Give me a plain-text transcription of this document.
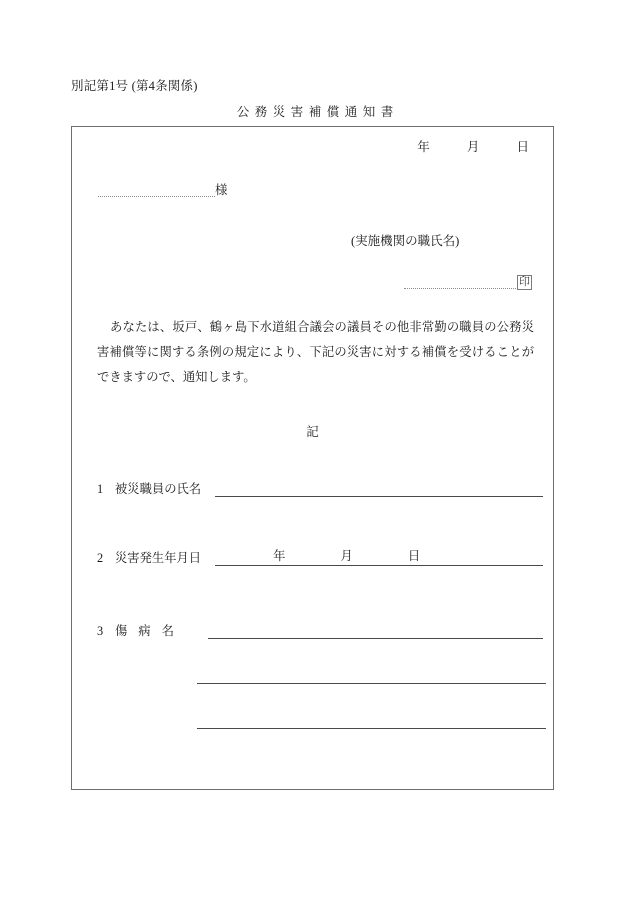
別記第1号 (第4条関係)
公務災害補償通知書
年	月	日
様
(実施機関の職氏名)
印
あなたは、坂戸、鶴ヶ島下水道組合議会の議員その他非常勤の職員の公務災害補償等に関する条例の規定により、下記の災害に対する補償を受けることができますので、通知します。
記
1 被災職員の氏名
2 災害発生年月日	年	月	日
3 傷病名
